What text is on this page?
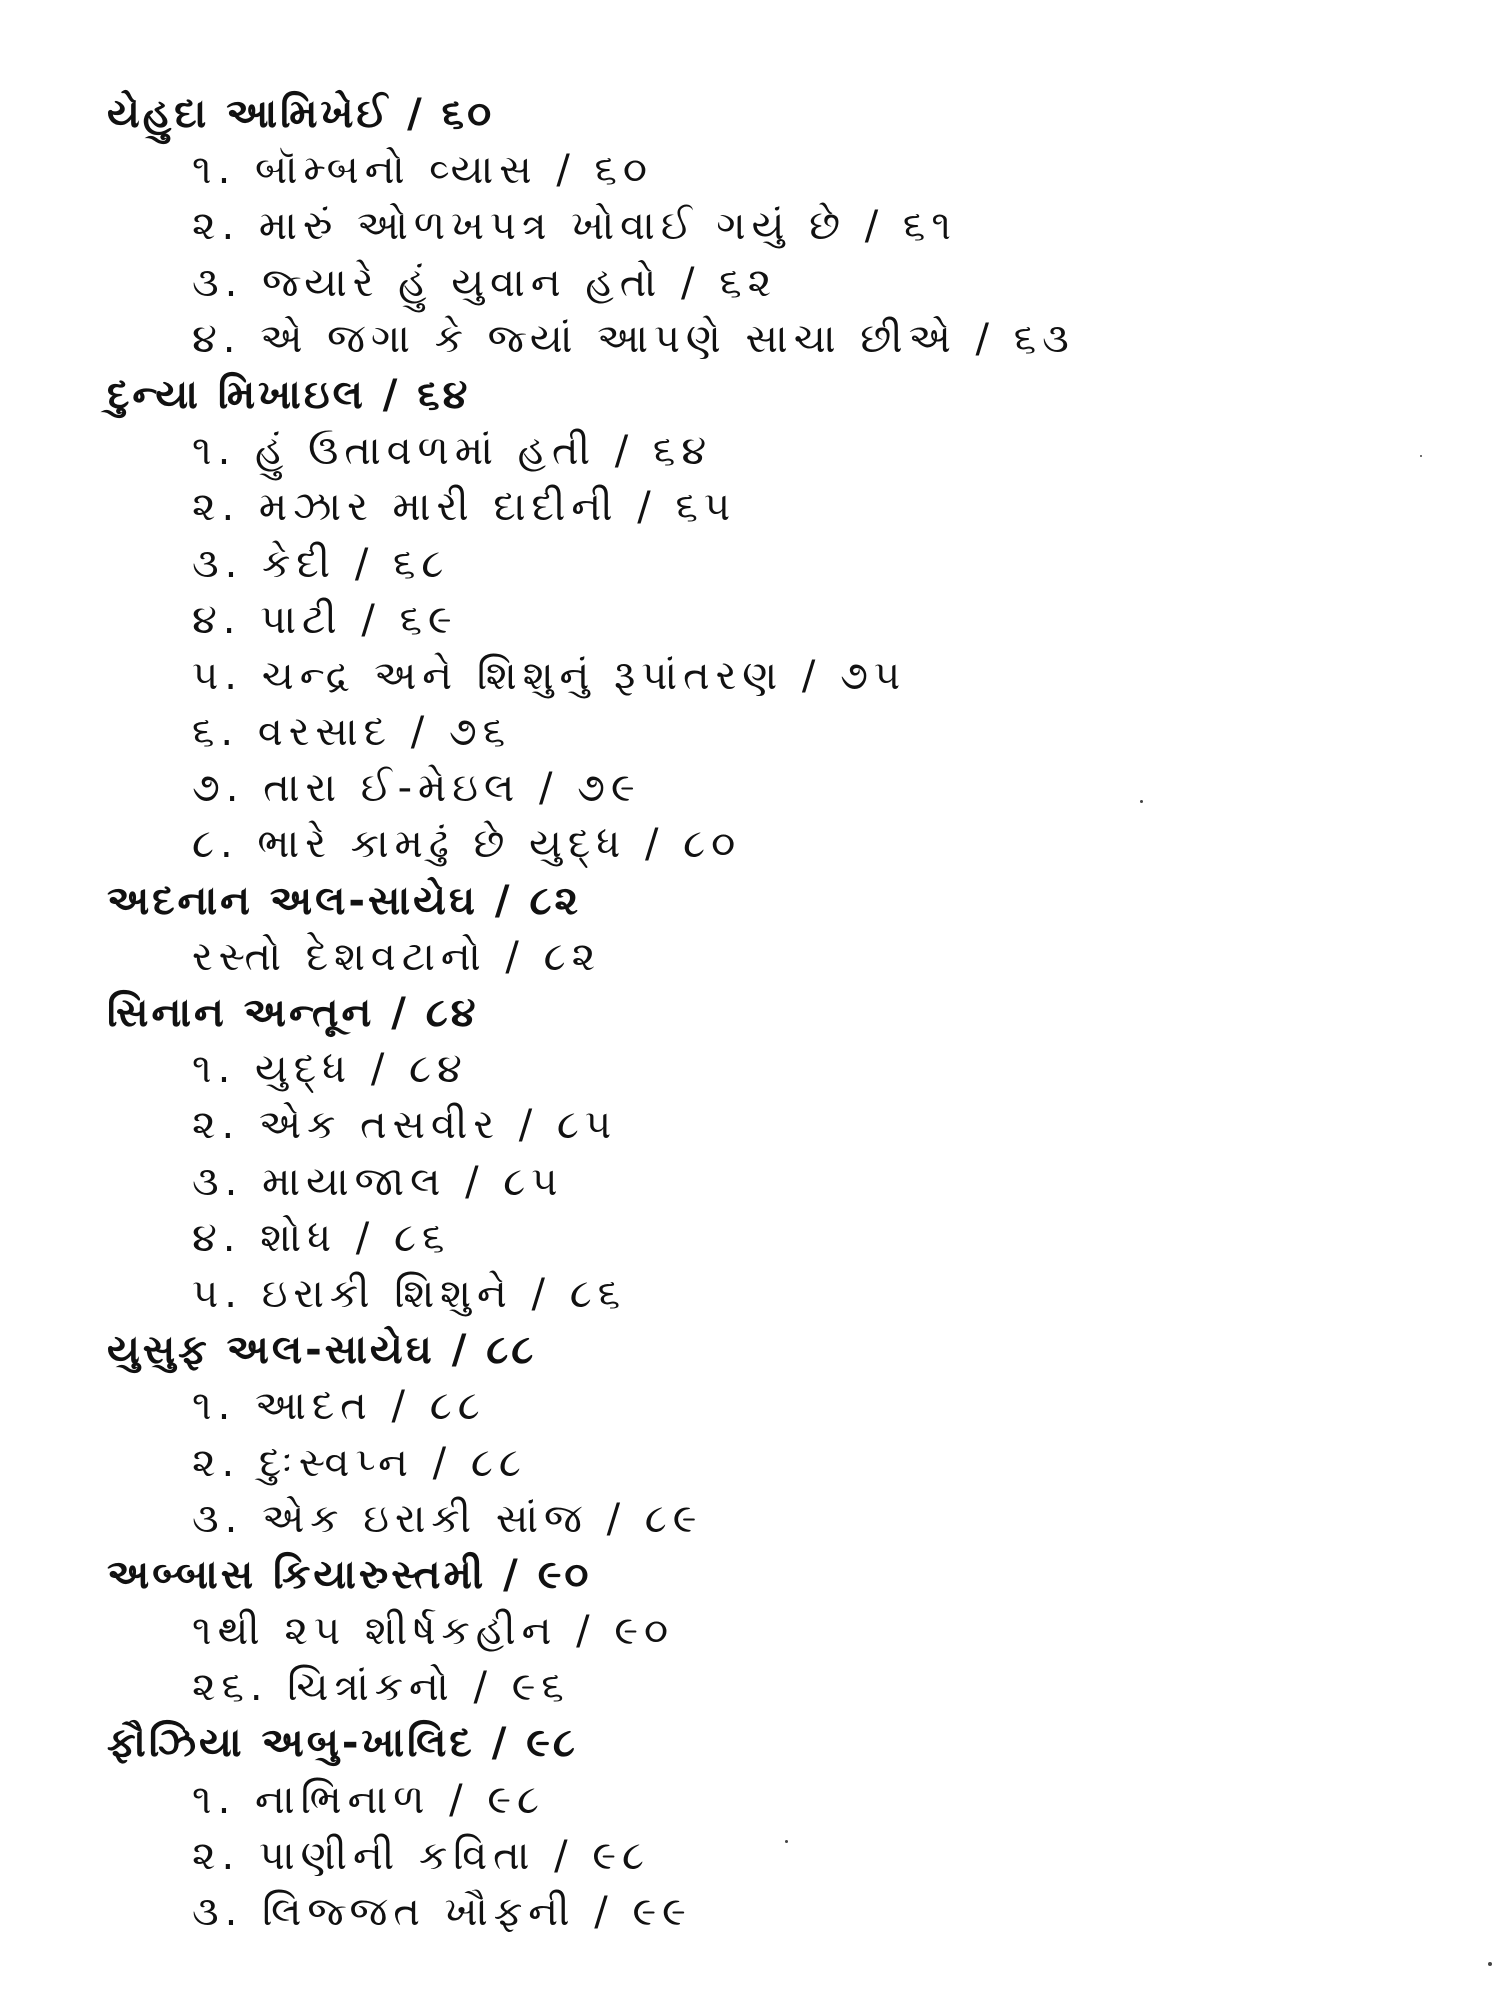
યેહુદા આમિખેઈ / ૬૦
૧. બૉમ્બનો વ્યાસ / ૬૦
૨. મારું ઓળખપત્ર ખોવાઈ ગયું છે / ૬૧
૩. જ્યારે હું યુવાન હતો / ૬૨
૪. એ જગા કે જ્યાં આપણે સાચા છીએ / ૬૩
દુન્યા મિખાઇલ / ૬૪
૧. હું ઉતાવળમાં હતી / ૬૪
૨. મઝાર મારી દાદીની / ૬૫
૩. કેદી / ૬૮
૪. પાટી / ૬૯
૫. ચન્દ્ર અને શિશુનું રૂપાંતરણ / ૭૫
૬. વરસાદ / ૭૬
૭. તારા ઈ-મેઇલ / ૭૯
૮. ભારે કામઢું છે યુદ્ધ / ૮૦
અદનાન અલ-સાયેઘ / ૮૨
રસ્તો દેશવટાનો / ૮૨
સિનાન અન્તૂન / ૮૪
૧. યુદ્ધ / ૮૪
૨. એક તસવીર / ૮૫
૩. માયાજાલ / ૮૫
૪. શોધ / ૮૬
૫. ઇરાકી શિશુને / ૮૬
યુસુફ અલ-સાયેઘ / ૮૮
૧. આદત / ૮૮
૨. દુઃસ્વપ્ન / ૮૮
૩. એક ઇરાકી સાંજ / ૮૯
અબ્બાસ કિયારુસ્તમી / ૯૦
૧થી ૨૫ શીર્ષકહીન / ૯૦
૨૬. ચિત્રાંકનો / ૯૬
ફૌઝિયા અબુ-ખાલિદ / ૯૮
૧. નાભિનાળ / ૯૮
૨. પાણીની કવિતા / ૯૮
૩. લિજ્જત ખૌફની / ૯૯
